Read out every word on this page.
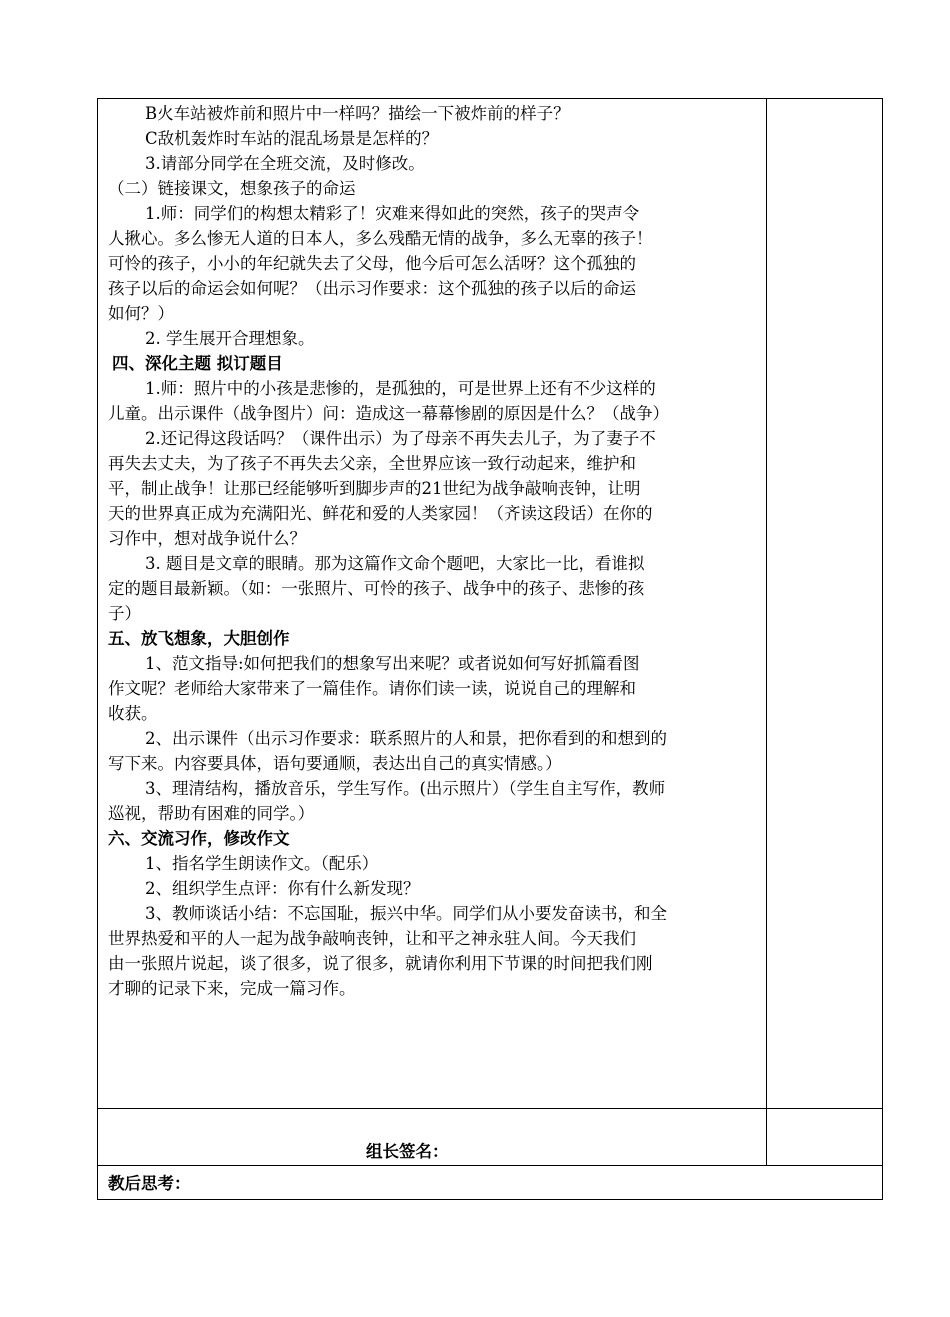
B火车站被炸前和照片中一样吗？描绘一下被炸前的样子？
C敌机轰炸时车站的混乱场景是怎样的？
3.请部分同学在全班交流，及时修改。
（二）链接课文，想象孩子的命运
1.师：同学们的构想太精彩了！灾难来得如此的突然，孩子的哭声令
人揪心。多么惨无人道的日本人，多么残酷无情的战争，多么无辜的孩子！
可怜的孩子，小小的年纪就失去了父母，他今后可怎么活呀？这个孤独的
孩子以后的命运会如何呢？（出示习作要求：这个孤独的孩子以后的命运
如何？）
2. 学生展开合理想象。
四、深化主题 拟订题目
1.师：照片中的小孩是悲惨的，是孤独的，可是世界上还有不少这样的
儿童。出示课件（战争图片）问：造成这一幕幕惨剧的原因是什么？（战争）
2.还记得这段话吗？（课件出示）为了母亲不再失去儿子，为了妻子不
再失去丈夫，为了孩子不再失去父亲，全世界应该一致行动起来，维护和
平，制止战争！让那已经能够听到脚步声的21世纪为战争敲响丧钟，让明
天的世界真正成为充满阳光、鲜花和爱的人类家园！（齐读这段话）在你的
习作中，想对战争说什么？
3. 题目是文章的眼睛。那为这篇作文命个题吧，大家比一比，看谁拟
定的题目最新颖。（如：一张照片、可怜的孩子、战争中的孩子、悲惨的孩
子）
五、放飞想象，大胆创作
1、范文指导:如何把我们的想象写出来呢？或者说如何写好抓篇看图
作文呢？老师给大家带来了一篇佳作。请你们读一读，说说自己的理解和
收获。
2、出示课件（出示习作要求：联系照片的人和景，把你看到的和想到的
写下来。内容要具体，语句要通顺，表达出自己的真实情感。）
3、理清结构，播放音乐，学生写作。(出示照片）（学生自主写作，教师
巡视，帮助有困难的同学。）
六、交流习作，修改作文
1、指名学生朗读作文。（配乐）
2、组织学生点评：你有什么新发现？
3、教师谈话小结：不忘国耻，振兴中华。同学们从小要发奋读书，和全
世界热爱和平的人一起为战争敲响丧钟，让和平之神永驻人间。今天我们
由一张照片说起，谈了很多，说了很多，就请你利用下节课的时间把我们刚
才聊的记录下来，完成一篇习作。
组长签名：
教后思考：
